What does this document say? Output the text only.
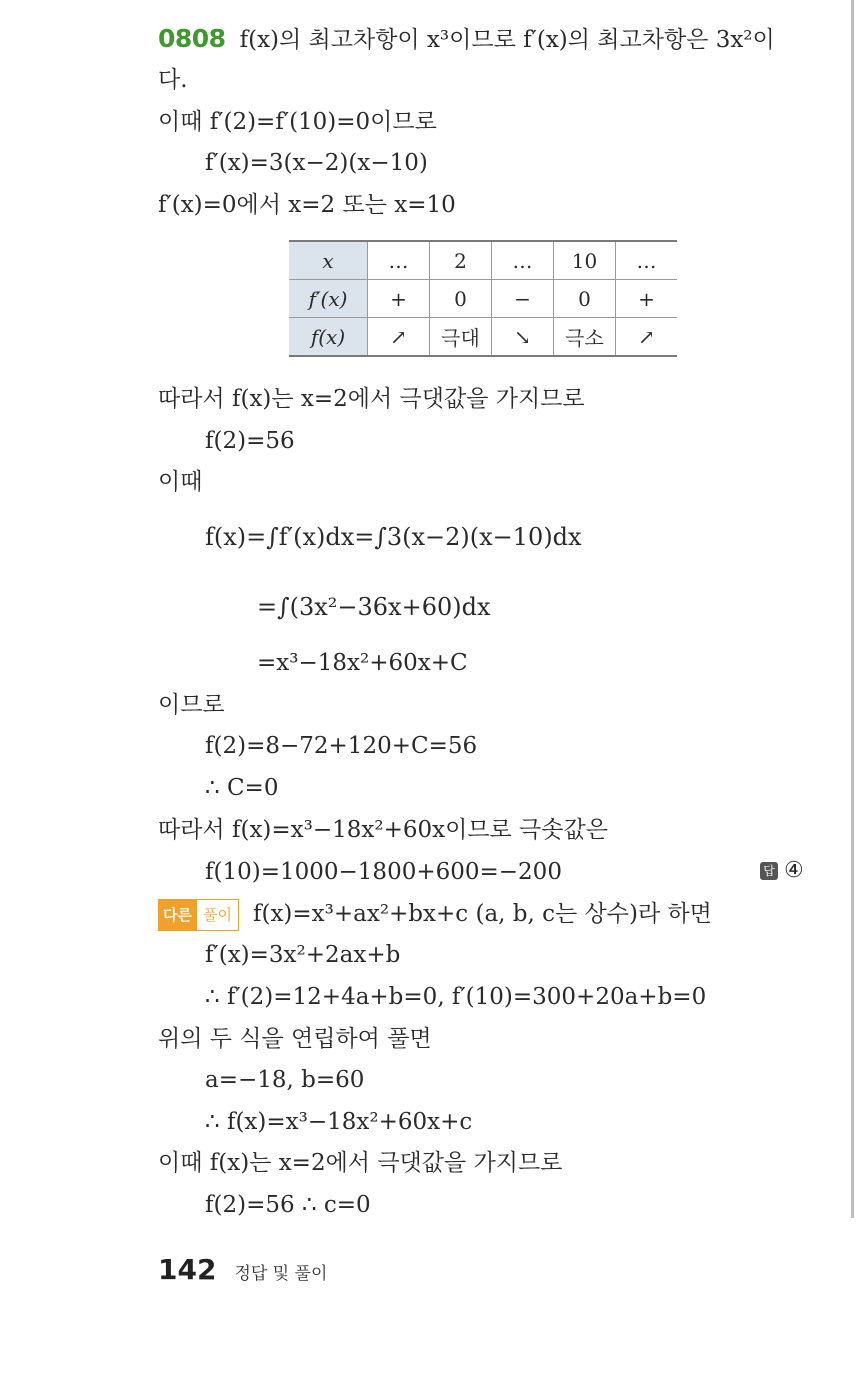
0808 f(x)의 최고차항이 x³이므로 f′(x)의 최고차항은 3x²이
다.
이때 f′(2)=f′(10)=0이므로
f′(x)=3(x−2)(x−10)
f′(x)=0에서 x=2 또는 x=10
x	…	2	…	10	…
f′(x)	+	0	−	0	+
f(x)	↗	극대	↘	극소	↗
따라서 f(x)는 x=2에서 극댓값을 가지므로
f(2)=56
이때
f(x)=∫f′(x)dx=∫3(x−2)(x−10)dx
=∫(3x²−36x+60)dx
=x³−18x²+60x+C
이므로
f(2)=8−72+120+C=56
∴ C=0
따라서 f(x)=x³−18x²+60x이므로 극솟값은
f(10)=1000−1800+600=−200	답 ④
다른 풀이 f(x)=x³+ax²+bx+c (a, b, c는 상수)라 하면
f′(x)=3x²+2ax+b
∴ f′(2)=12+4a+b=0, f′(10)=300+20a+b=0
위의 두 식을 연립하여 풀면
a=−18, b=60
∴ f(x)=x³−18x²+60x+c
이때 f(x)는 x=2에서 극댓값을 가지므로
f(2)=56 ∴ c=0
142 정답 및 풀이
